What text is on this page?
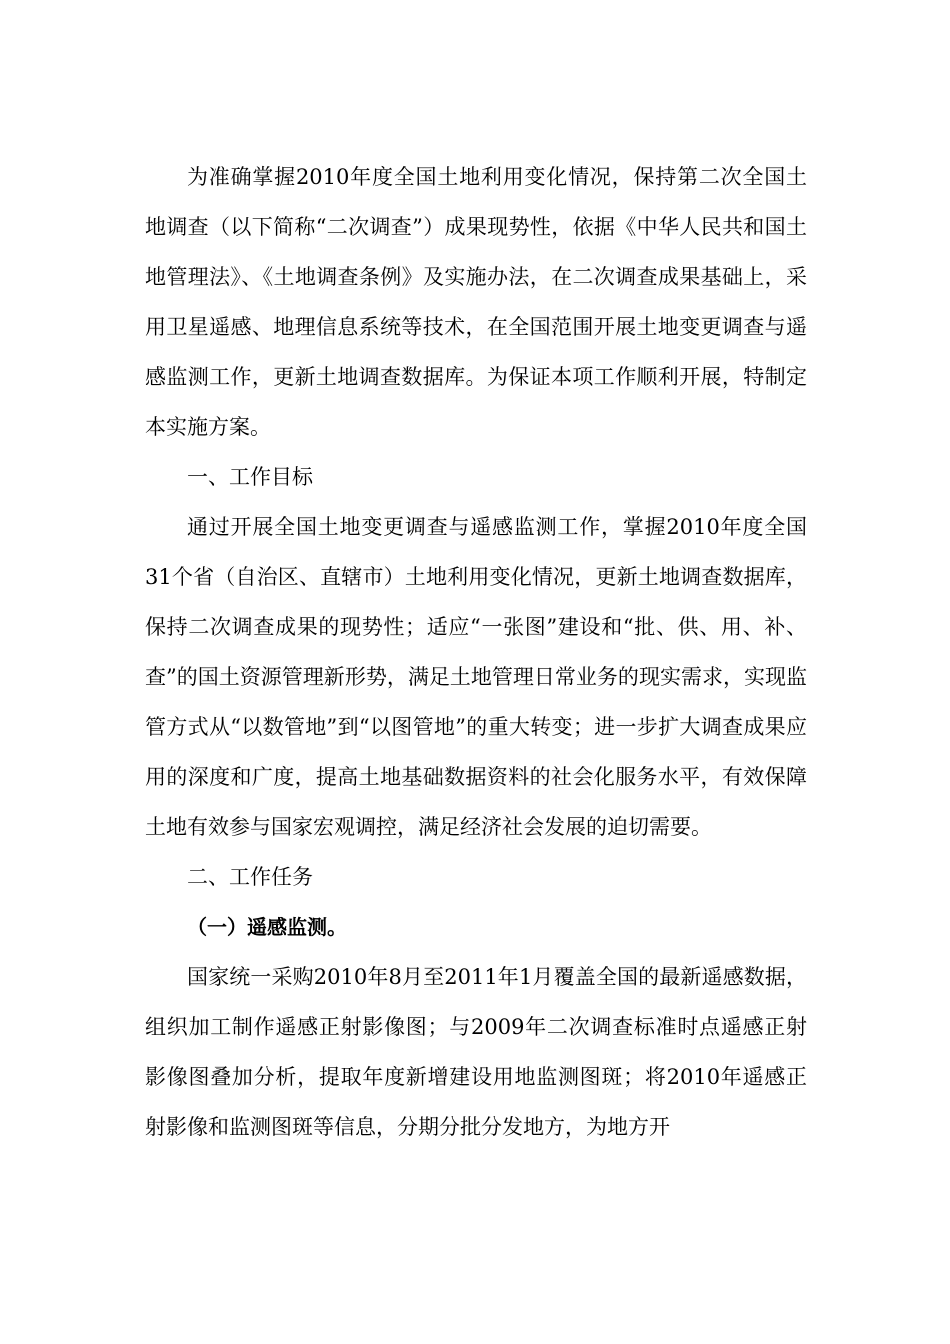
为准确掌握2010年度全国土地利用变化情况，保持第二次全国土地调查（以下简称“二次调查”）成果现势性，依据《中华人民共和国土地管理法》、《土地调查条例》及实施办法，在二次调查成果基础上，采用卫星遥感、地理信息系统等技术，在全国范围开展土地变更调查与遥感监测工作，更新土地调查数据库。为保证本项工作顺利开展，特制定本实施方案。

一、工作目标

通过开展全国土地变更调查与遥感监测工作，掌握2010年度全国31个省（自治区、直辖市）土地利用变化情况，更新土地调查数据库，保持二次调查成果的现势性；适应“一张图”建设和“批、供、用、补、查”的国土资源管理新形势，满足土地管理日常业务的现实需求，实现监管方式从“以数管地”到“以图管地”的重大转变；进一步扩大调查成果应用的深度和广度，提高土地基础数据资料的社会化服务水平，有效保障土地有效参与国家宏观调控，满足经济社会发展的迫切需要。

二、工作任务
（一）遥感监测。

国家统一采购2010年8月至2011年1月覆盖全国的最新遥感数据，组织加工制作遥感正射影像图；与2009年二次调查标准时点遥感正射影像图叠加分析，提取年度新增建设用地监测图斑；将2010年遥感正射影像和监测图斑等信息，分期分批分发地方，为地方开
